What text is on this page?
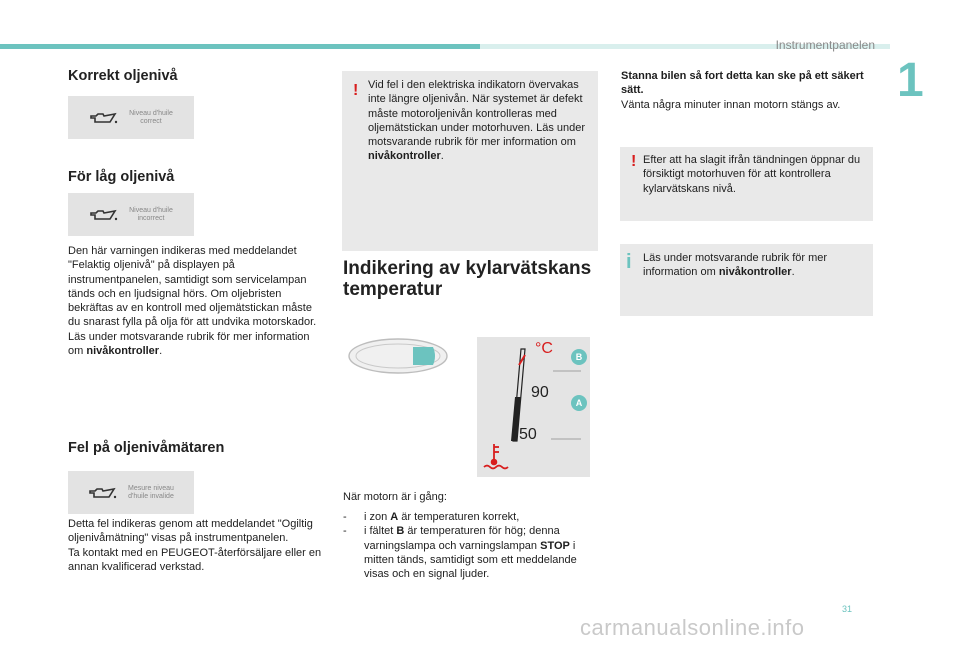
Instrumentpanelen
1
Korrekt oljenivå
Niveau d'huile
correct
För låg oljenivå
Niveau d'huile
incorrect

Den här varningen indikeras med meddelandet "Felaktig oljenivå" på displayen på instrumentpanelen, samtidigt som servicelampan tänds och en ljudsignal hörs. Om oljebristen bekräftas av en kontroll med oljemätstickan måste du snarast fylla på olja för att undvika motorskador.

Läs under motsvarande rubrik för mer information om nivåkontroller.

Fel på oljenivåmätaren
Mesure niveau
d'huile invalide

Detta fel indikeras genom att meddelandet "Ogiltig oljenivåmätning" visas på instrumentpanelen.

Ta kontakt med en PEUGEOT-återförsäljare eller en annan kvalificerad verkstad.

! Vid fel i den elektriska indikatorn övervakas inte längre oljenivån. När systemet är defekt måste motoroljenivån kontrolleras med oljemätstickan under motorhuven. Läs under motsvarande rubrik för mer information om nivåkontroller.
Indikering av kylarvätskans temperatur
°C
90
50
B
A
När motorn är i gång:
- i zon A är temperaturen korrekt,
- i fältet B är temperaturen för hög; denna varningslampa och varningslampan STOP i mitten tänds, samtidigt som ett meddelande visas och en signal ljuder.

Stanna bilen så fort detta kan ske på ett säkert sätt.

Vänta några minuter innan motorn stängs av.

! Efter att ha slagit ifrån tändningen öppnar du försiktigt motorhuven för att kontrollera kylarvätskans nivå.
i Läs under motsvarande rubrik för mer information om nivåkontroller.
31
carmanualsonline.info
